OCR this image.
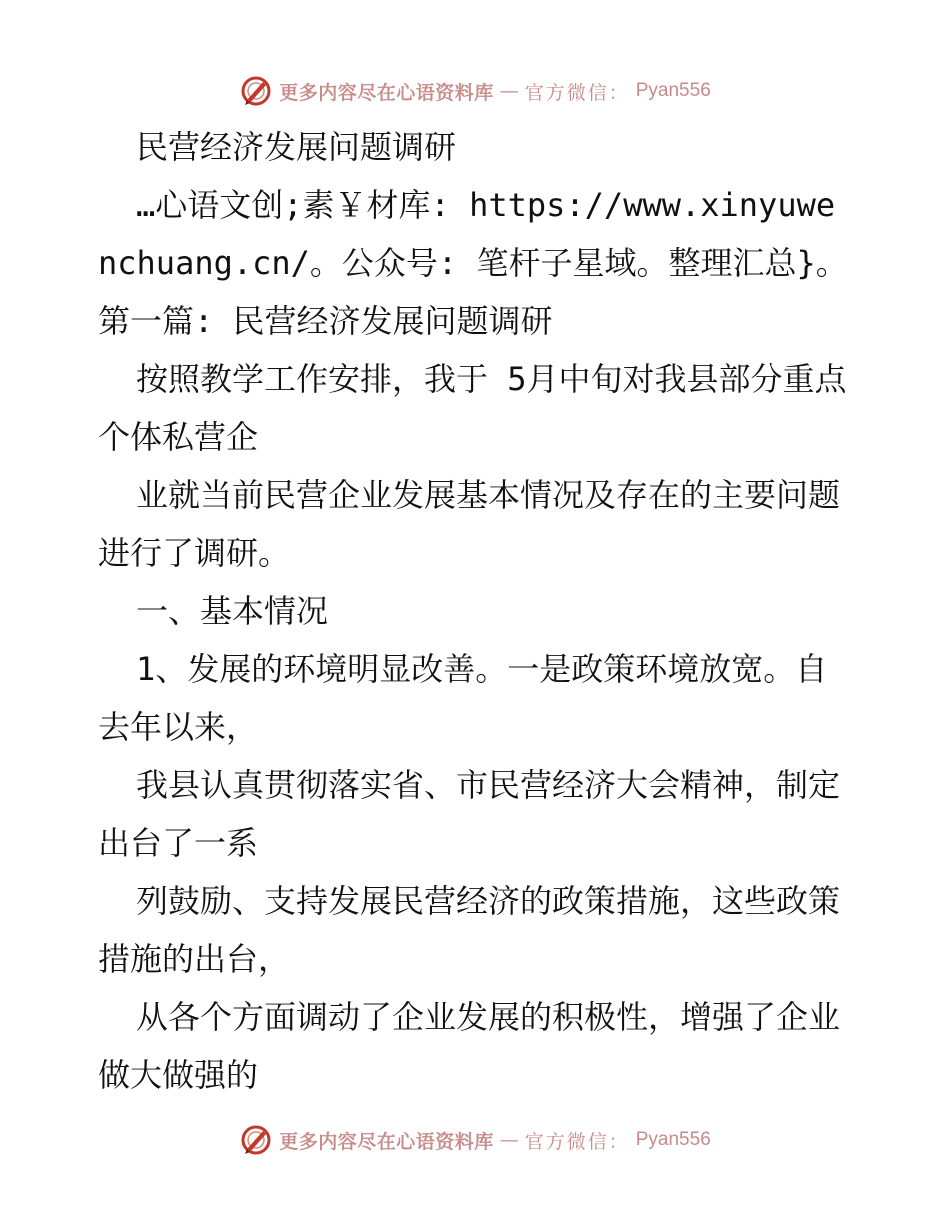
更多内容尽在心语资料库 — 官方微信： Pyan556

民营经济发展问题调研

…心语文创;素￥材库: https://www.xinyuwenchuang.cn/。公众号: 笔杆子星域。整理汇总}。第一篇: 民营经济发展问题调研

按照教学工作安排，我于 5月中旬对我县部分重点个体私营企

业就当前民营企业发展基本情况及存在的主要问题进行了调研。

一、基本情况

1、发展的环境明显改善。一是政策环境放宽。自去年以来，

我县认真贯彻落实省、市民营经济大会精神，制定出台了一系

列鼓励、支持发展民营经济的政策措施，这些政策措施的出台，

从各个方面调动了企业发展的积极性，增强了企业做大做强的

更多内容尽在心语资料库 — 官方微信： Pyan556
